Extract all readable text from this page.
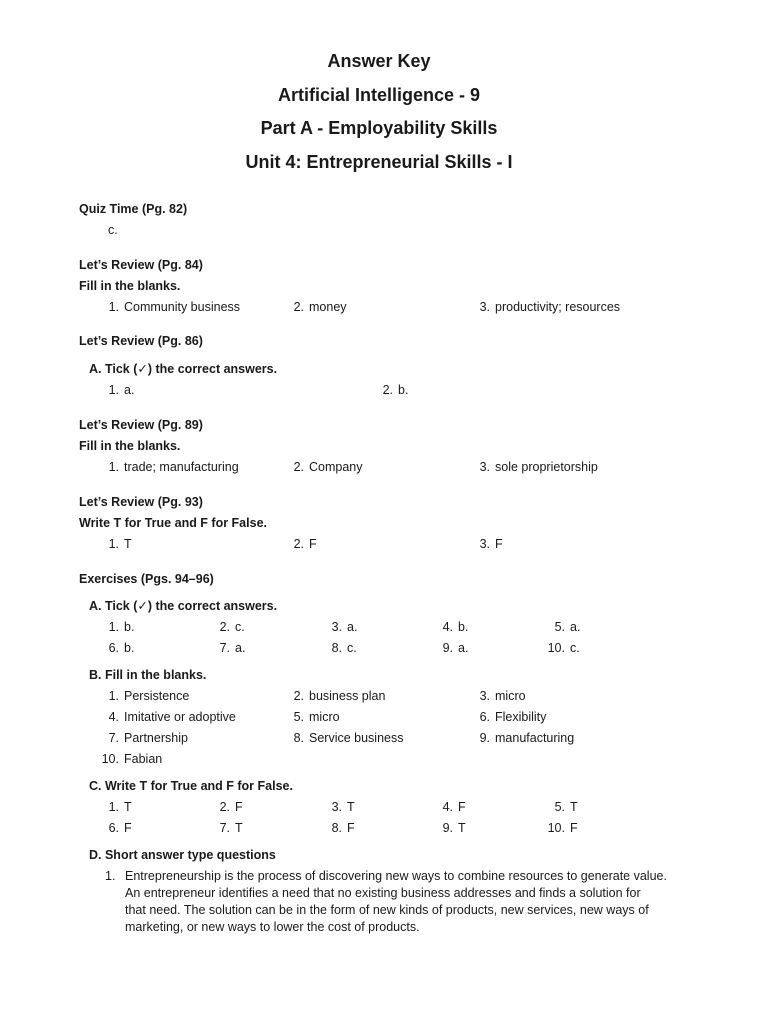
Answer Key
Artificial Intelligence - 9
Part A - Employability Skills
Unit 4: Entrepreneurial Skills - I
Quiz Time (Pg. 82)
c.
Let’s Review (Pg. 84)
Fill in the blanks.
1. Community business	2. money	3. productivity; resources
Let’s Review (Pg. 86)
A. Tick (✓) the correct answers.
1. a.	2. b.
Let’s Review (Pg. 89)
Fill in the blanks.
1. trade; manufacturing	2. Company	3. sole proprietorship
Let’s Review (Pg. 93)
Write T for True and F for False.
1. T	2. F	3. F
Exercises (Pgs. 94–96)
A. Tick (✓) the correct answers.
1. b.	2. c.	3. a.	4. b.	5. a.
6. b.	7. a.	8. c.	9. a.	10. c.
B. Fill in the blanks.
1. Persistence	2. business plan	3. micro
4. Imitative or adoptive	5. micro	6. Flexibility
7. Partnership	8. Service business	9. manufacturing
10. Fabian
C. Write T for True and F for False.
1. T	2. F	3. T	4. F	5. T
6. F	7. T	8. F	9. T	10. F
D. Short answer type questions
1. Entrepreneurship is the process of discovering new ways to combine resources to generate value.
An entrepreneur identifies a need that no existing business addresses and finds a solution for
that need. The solution can be in the form of new kinds of products, new services, new ways of
marketing, or new ways to lower the cost of products.
